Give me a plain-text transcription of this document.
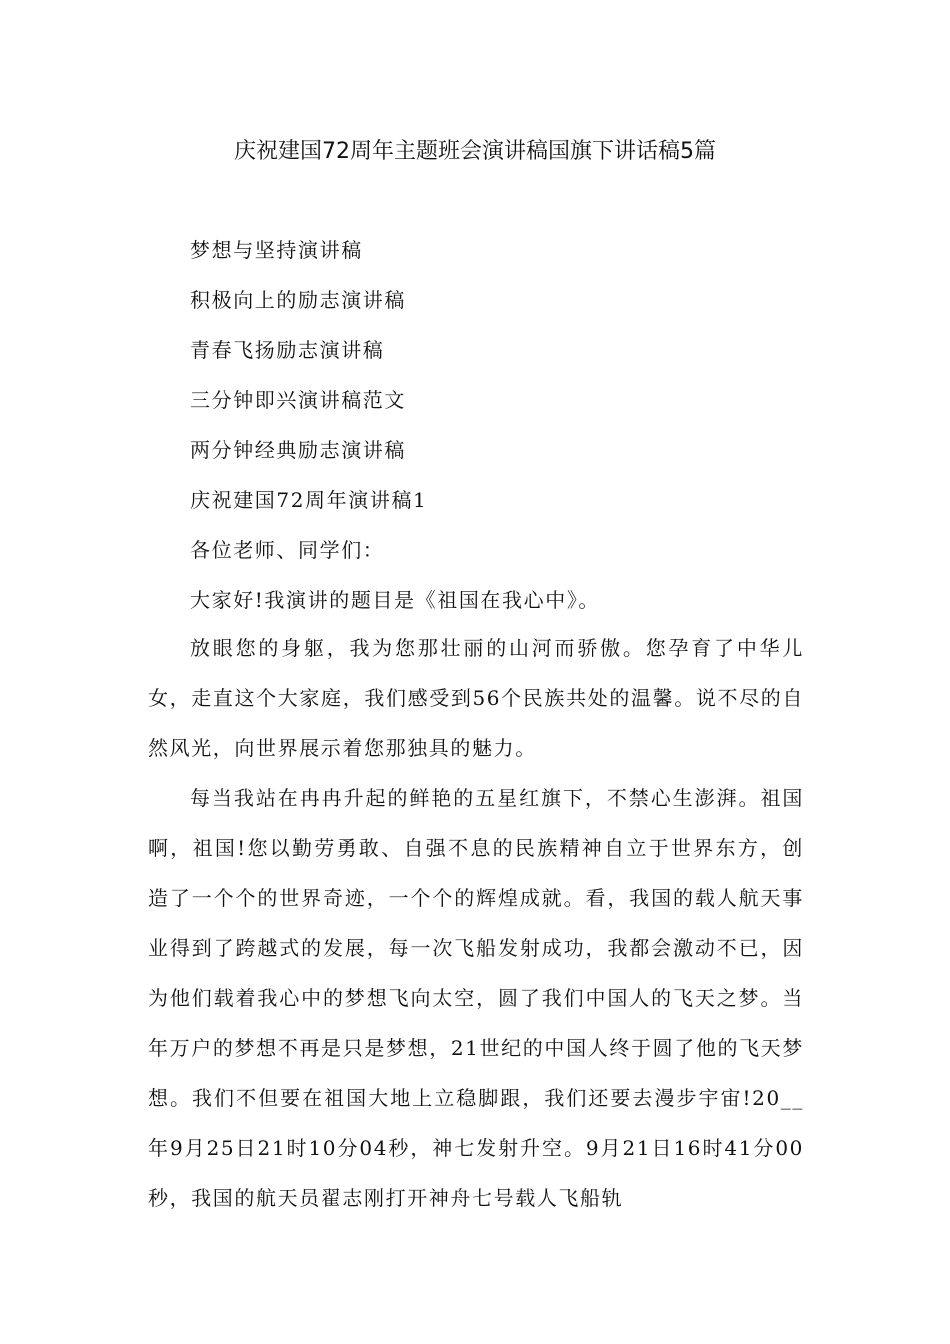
庆祝建国72周年主题班会演讲稿国旗下讲话稿5篇
梦想与坚持演讲稿
积极向上的励志演讲稿
青春飞扬励志演讲稿
三分钟即兴演讲稿范文
两分钟经典励志演讲稿
庆祝建国72周年演讲稿1
各位老师、同学们：
大家好!我演讲的题目是《祖国在我心中》。

放眼您的身躯，我为您那壮丽的山河而骄傲。您孕育了中华儿女，走直这个大家庭，我们感受到56个民族共处的温馨。说不尽的自然风光，向世界展示着您那独具的魅力。

每当我站在冉冉升起的鲜艳的五星红旗下，不禁心生澎湃。祖国啊，祖国!您以勤劳勇敢、自强不息的民族精神自立于世界东方，创造了一个个的世界奇迹，一个个的辉煌成就。看，我国的载人航天事业得到了跨越式的发展，每一次飞船发射成功，我都会激动不已，因为他们载着我心中的梦想飞向太空，圆了我们中国人的飞天之梦。当年万户的梦想不再是只是梦想，21世纪的中国人终于圆了他的飞天梦想。我们不但要在祖国大地上立稳脚跟，我们还要去漫步宇宙!20__年9月25日21时10分04秒，神七发射升空。9月21日16时41分00秒，我国的航天员翟志刚打开神舟七号载人飞船轨
